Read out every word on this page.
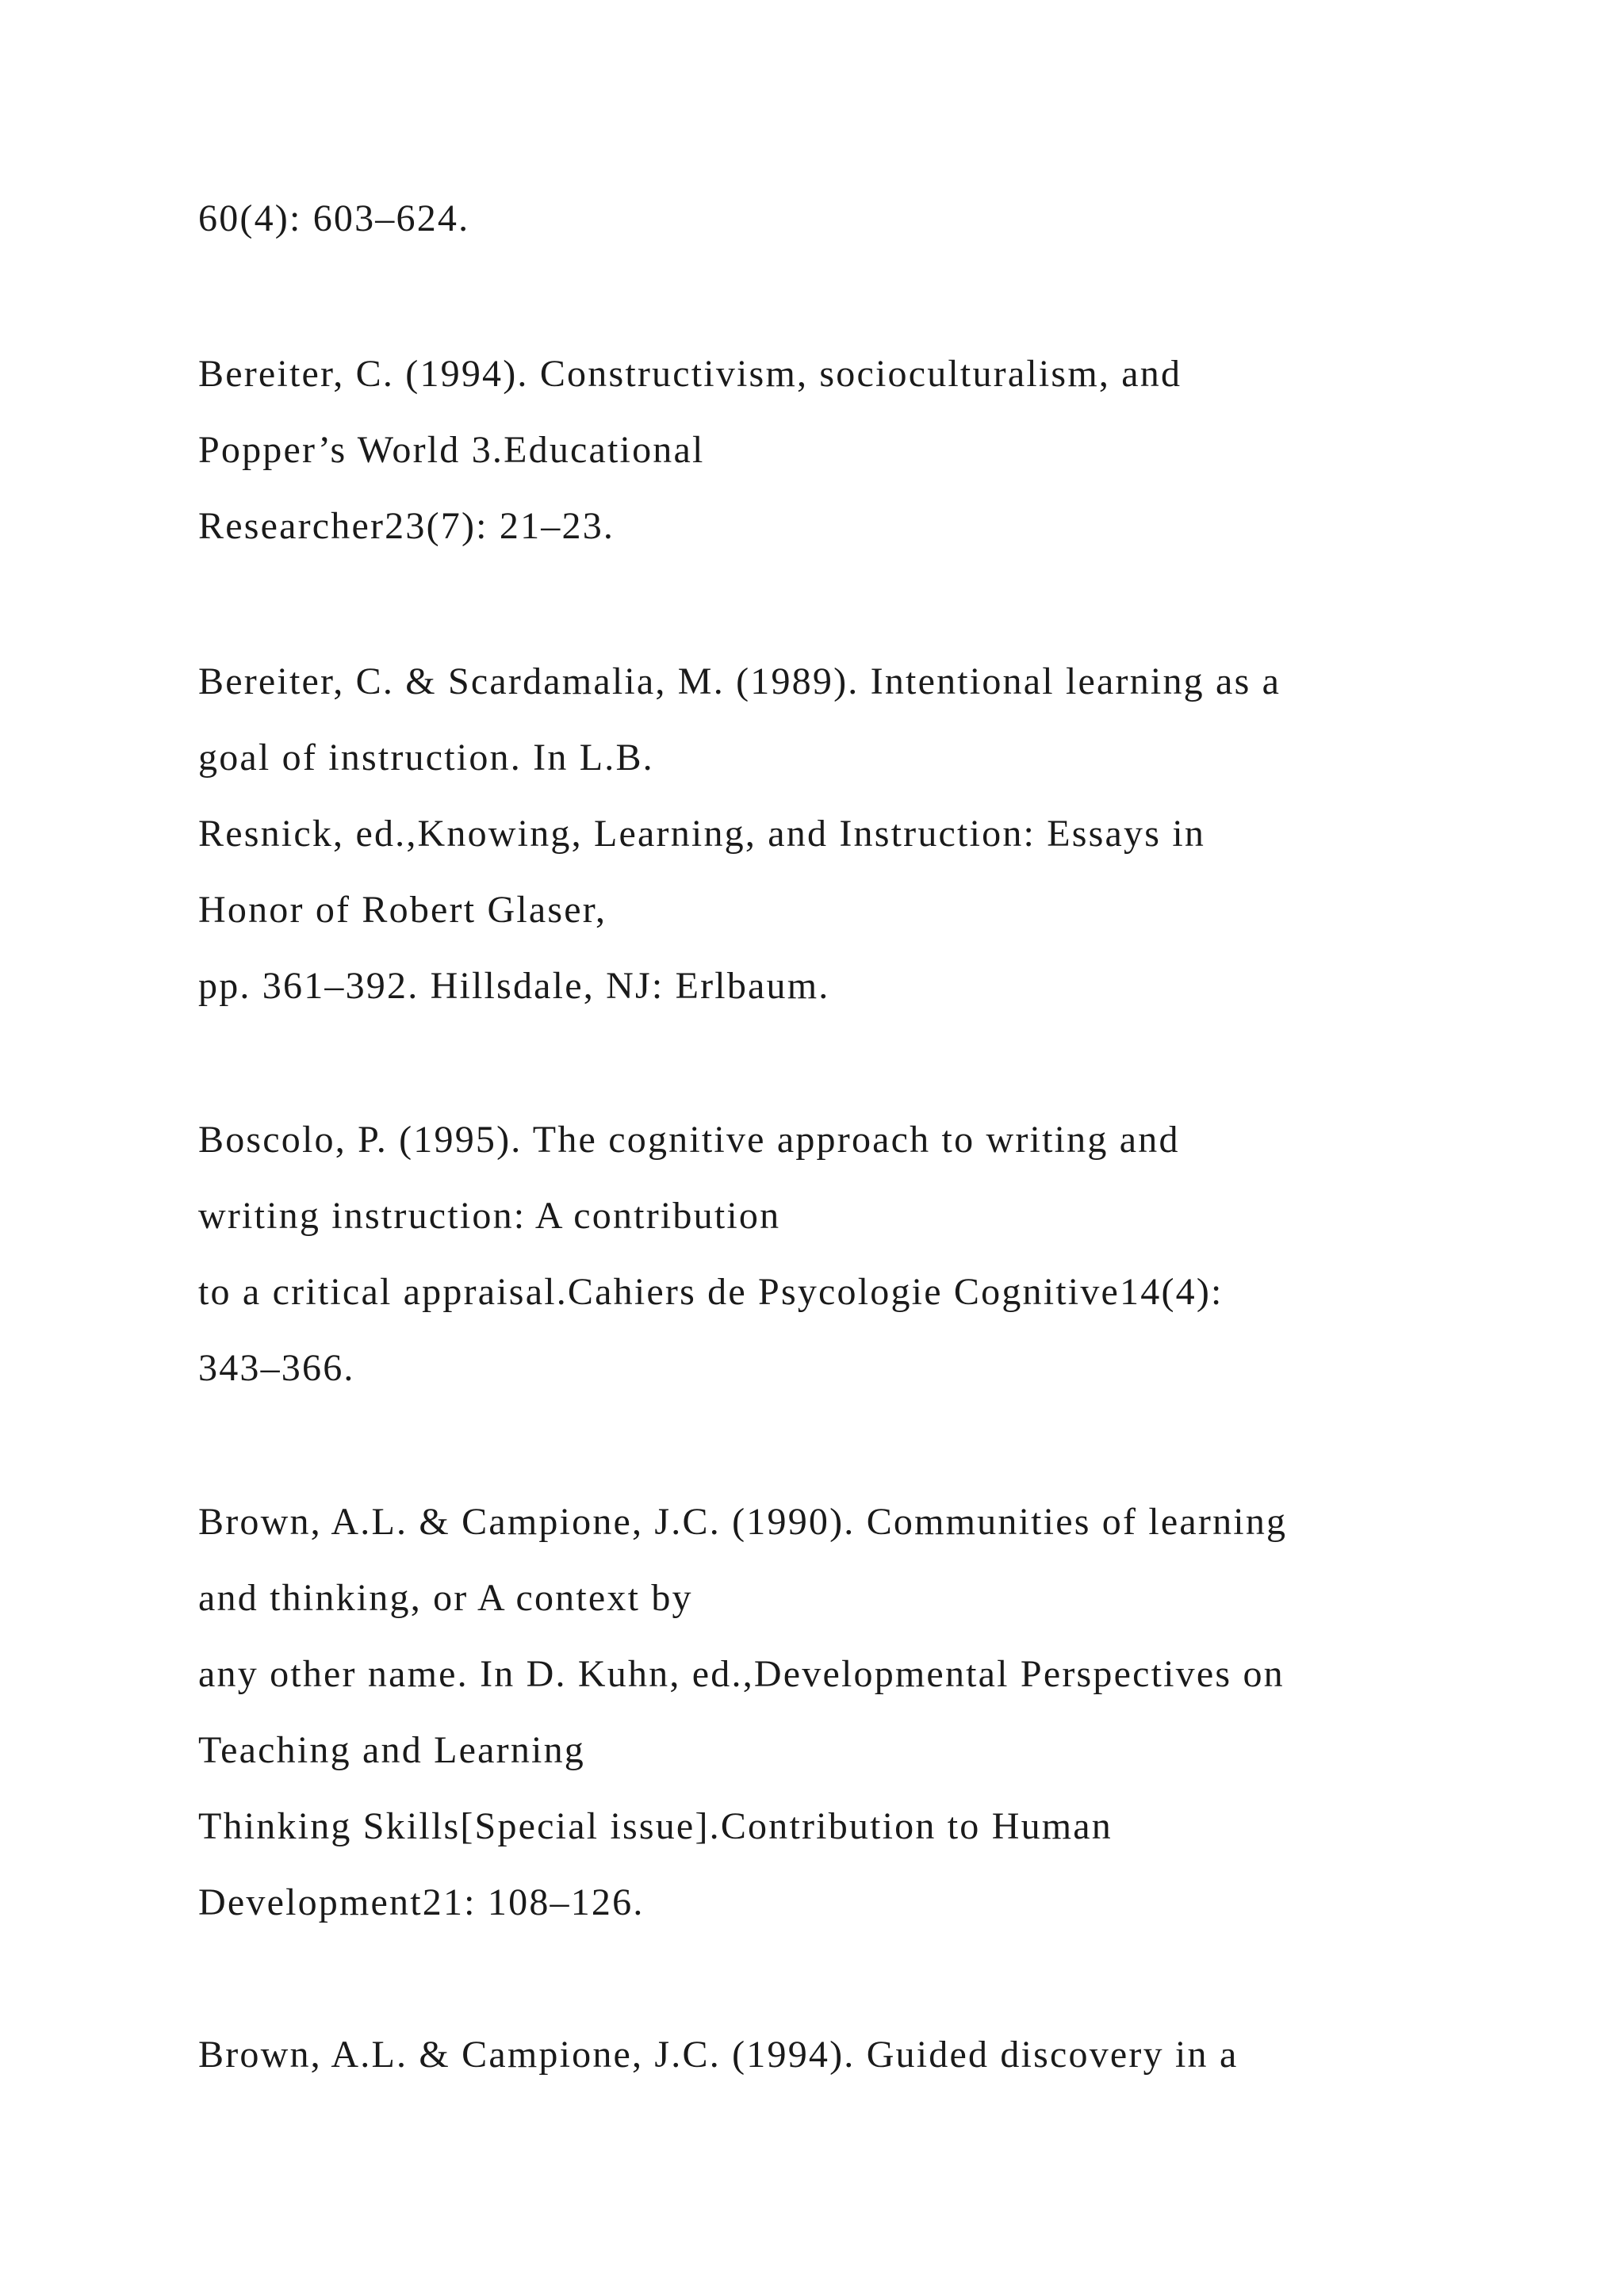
60(4): 603–624.
Bereiter, C. (1994). Constructivism, socioculturalism, and
Popper’s World 3.Educational
Researcher23(7): 21–23.
Bereiter, C. & Scardamalia, M. (1989). Intentional learning as a
goal of instruction. In L.B.
Resnick, ed.,Knowing, Learning, and Instruction: Essays in
Honor of Robert Glaser,
pp. 361–392. Hillsdale, NJ: Erlbaum.
Boscolo, P. (1995). The cognitive approach to writing and
writing instruction: A contribution
to a critical appraisal.Cahiers de Psycologie Cognitive14(4):
343–366.
Brown, A.L. & Campione, J.C. (1990). Communities of learning
and thinking, or A context by
any other name. In D. Kuhn, ed.,Developmental Perspectives on
Teaching and Learning
Thinking Skills[Special issue].Contribution to Human
Development21: 108–126.
Brown, A.L. & Campione, J.C. (1994). Guided discovery in a
